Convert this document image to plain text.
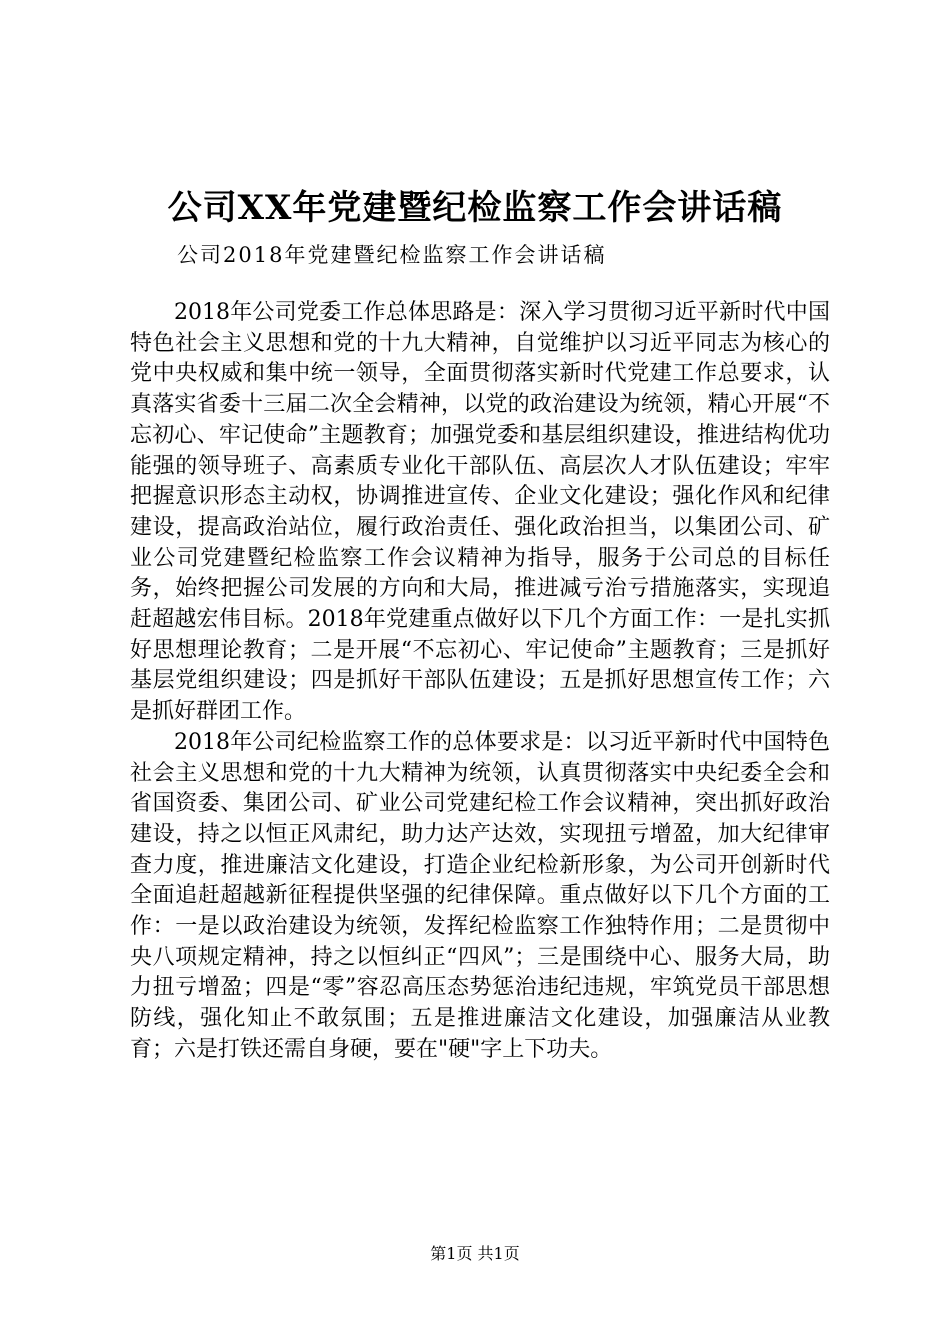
公司XX年党建暨纪检监察工作会讲话稿
公司2018年党建暨纪检监察工作会讲话稿

2018年公司党委工作总体思路是：深入学习贯彻习近平新时代中国特色社会主义思想和党的十九大精神，自觉维护以习近平同志为核心的党中央权威和集中统一领导，全面贯彻落实新时代党建工作总要求，认真落实省委十三届二次全会精神，以党的政治建设为统领，精心开展“不忘初心、牢记使命”主题教育；加强党委和基层组织建设，推进结构优功能强的领导班子、高素质专业化干部队伍、高层次人才队伍建设；牢牢把握意识形态主动权，协调推进宣传、企业文化建设；强化作风和纪律建设，提高政治站位，履行政治责任、强化政治担当，以集团公司、矿业公司党建暨纪检监察工作会议精神为指导，服务于公司总的目标任务，始终把握公司发展的方向和大局，推进减亏治亏措施落实，实现追赶超越宏伟目标。2018年党建重点做好以下几个方面工作：一是扎实抓好思想理论教育；二是开展“不忘初心、牢记使命”主题教育；三是抓好基层党组织建设；四是抓好干部队伍建设；五是抓好思想宣传工作；六是抓好群团工作。

2018年公司纪检监察工作的总体要求是：以习近平新时代中国特色社会主义思想和党的十九大精神为统领，认真贯彻落实中央纪委全会和省国资委、集团公司、矿业公司党建纪检工作会议精神，突出抓好政治建设，持之以恒正风肃纪，助力达产达效，实现扭亏增盈，加大纪律审查力度，推进廉洁文化建设，打造企业纪检新形象，为公司开创新时代全面追赶超越新征程提供坚强的纪律保障。重点做好以下几个方面的工作：一是以政治建设为统领，发挥纪检监察工作独特作用；二是贯彻中央八项规定精神，持之以恒纠正“四风”；三是围绕中心、服务大局，助力扭亏增盈；四是“零”容忍高压态势惩治违纪违规，牢筑党员干部思想防线，强化知止不敢氛围；五是推进廉洁文化建设，加强廉洁从业教育；六是打铁还需自身硬，要在"硬"字上下功夫。

第1页 共1页
